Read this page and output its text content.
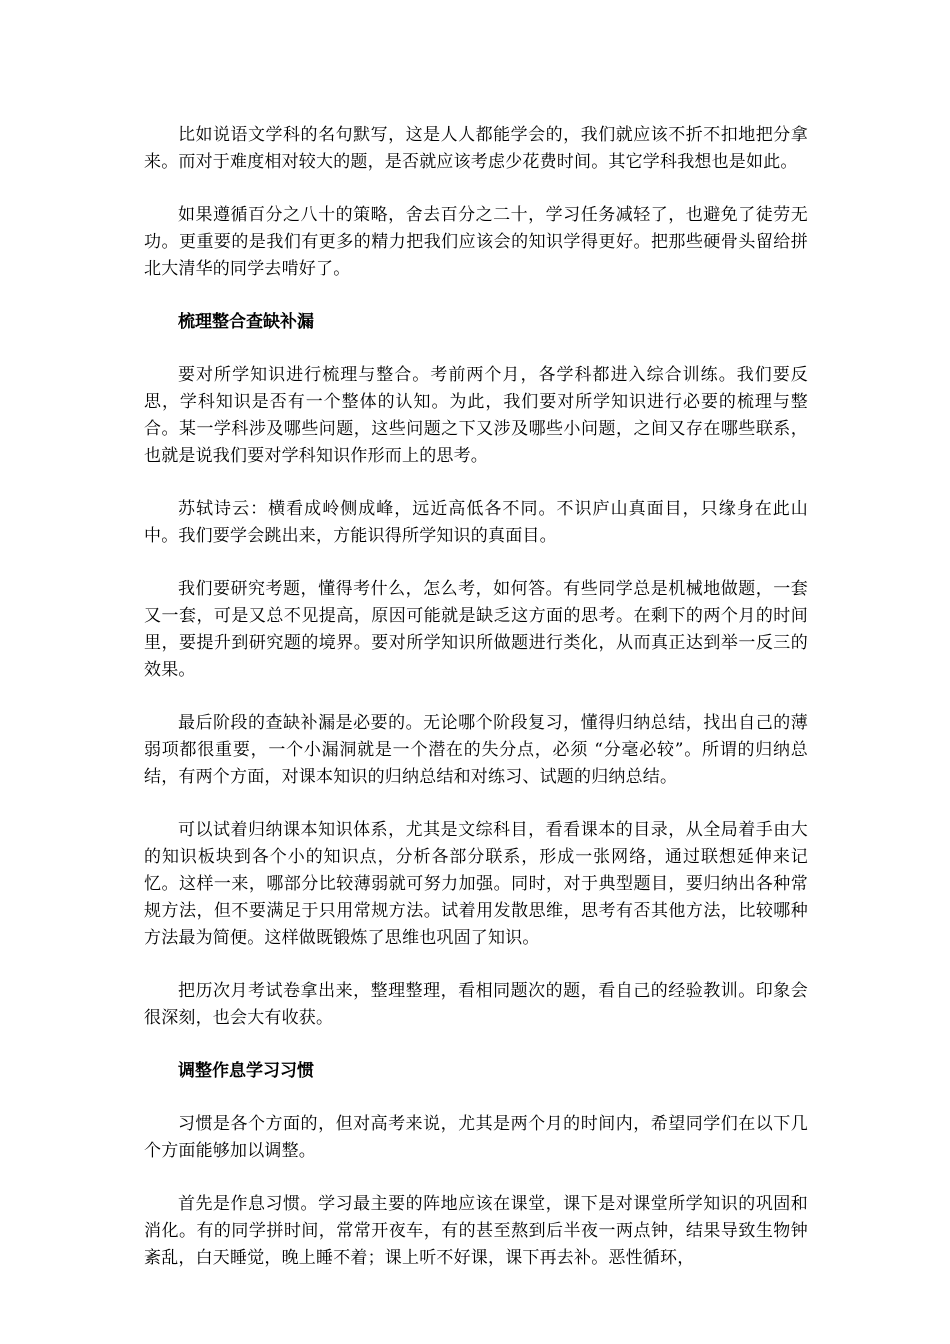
比如说语文学科的名句默写，这是人人都能学会的，我们就应该不折不扣地把分拿来。而对于难度相对较大的题，是否就应该考虑少花费时间。其它学科我想也是如此。

如果遵循百分之八十的策略，舍去百分之二十，学习任务减轻了，也避免了徒劳无功。更重要的是我们有更多的精力把我们应该会的知识学得更好。把那些硬骨头留给拼北大清华的同学去啃好了。

梳理整合查缺补漏

要对所学知识进行梳理与整合。考前两个月，各学科都进入综合训练。我们要反思，学科知识是否有一个整体的认知。为此，我们要对所学知识进行必要的梳理与整合。某一学科涉及哪些问题，这些问题之下又涉及哪些小问题，之间又存在哪些联系，也就是说我们要对学科知识作形而上的思考。

苏轼诗云：横看成岭侧成峰，远近高低各不同。不识庐山真面目，只缘身在此山中。我们要学会跳出来，方能识得所学知识的真面目。

我们要研究考题，懂得考什么，怎么考，如何答。有些同学总是机械地做题，一套又一套，可是又总不见提高，原因可能就是缺乏这方面的思考。在剩下的两个月的时间里，要提升到研究题的境界。要对所学知识所做题进行类化，从而真正达到举一反三的效果。

最后阶段的查缺补漏是必要的。无论哪个阶段复习，懂得归纳总结，找出自己的薄弱项都很重要，一个小漏洞就是一个潜在的失分点，必须 “分毫必较”。所谓的归纳总结，有两个方面，对课本知识的归纳总结和对练习、试题的归纳总结。

可以试着归纳课本知识体系，尤其是文综科目，看看课本的目录，从全局着手由大的知识板块到各个小的知识点，分析各部分联系，形成一张网络，通过联想延伸来记忆。这样一来，哪部分比较薄弱就可努力加强。同时，对于典型题目，要归纳出各种常规方法，但不要满足于只用常规方法。试着用发散思维，思考有否其他方法，比较哪种方法最为简便。这样做既锻炼了思维也巩固了知识。

把历次月考试卷拿出来，整理整理，看相同题次的题，看自己的经验教训。印象会很深刻，也会大有收获。

调整作息学习习惯

习惯是各个方面的，但对高考来说，尤其是两个月的时间内，希望同学们在以下几个方面能够加以调整。

首先是作息习惯。学习最主要的阵地应该在课堂，课下是对课堂所学知识的巩固和消化。有的同学拼时间，常常开夜车，有的甚至熬到后半夜一两点钟，结果导致生物钟紊乱，白天睡觉，晚上睡不着；课上听不好课，课下再去补。恶性循环，
